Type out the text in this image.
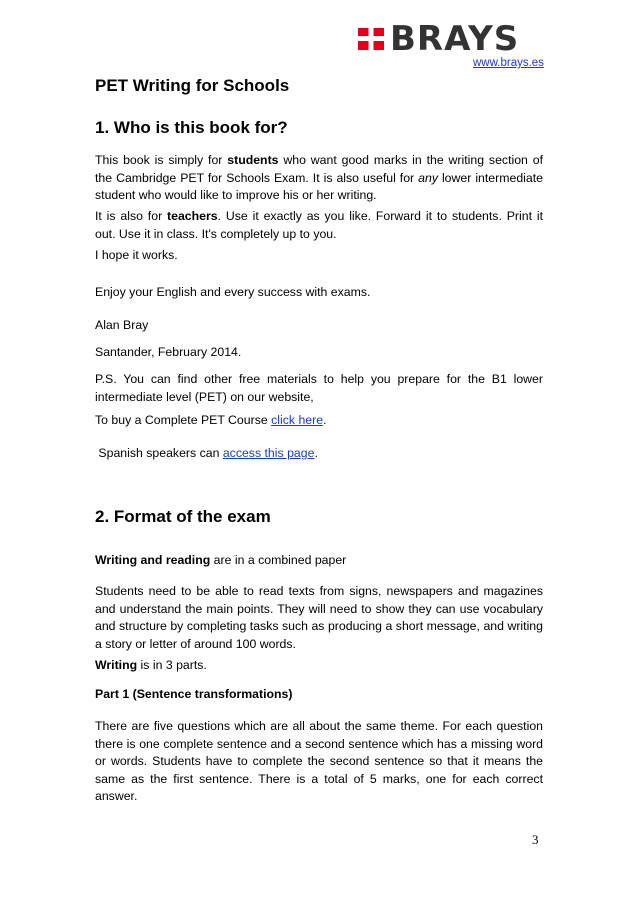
BRAYS
www.brays.es
PET Writing for Schools
1. Who is this book for?

This book is simply for students who want good marks in the writing section of the Cambridge PET for Schools Exam. It is also useful for any lower intermediate student who would like to improve his or her writing.

It is also for teachers. Use it exactly as you like. Forward it to students. Print it out. Use it in class. It's completely up to you.

I hope it works.

Enjoy your English and every success with exams.

Alan Bray

Santander, February 2014.

P.S. You can find other free materials to help you prepare for the B1 lower intermediate level (PET) on our website,

To buy a Complete PET Course click here.

Spanish speakers can access this page.

2. Format of the exam

Writing and reading are in a combined paper

Students need to be able to read texts from signs, newspapers and magazines and understand the main points. They will need to show they can use vocabulary and structure by completing tasks such as producing a short message, and writing a story or letter of around 100 words.

Writing is in 3 parts.

Part 1 (Sentence transformations)

There are five questions which are all about the same theme. For each question there is one complete sentence and a second sentence which has a missing word or words. Students have to complete the second sentence so that it means the same as the first sentence. There is a total of 5 marks, one for each correct answer.

3
